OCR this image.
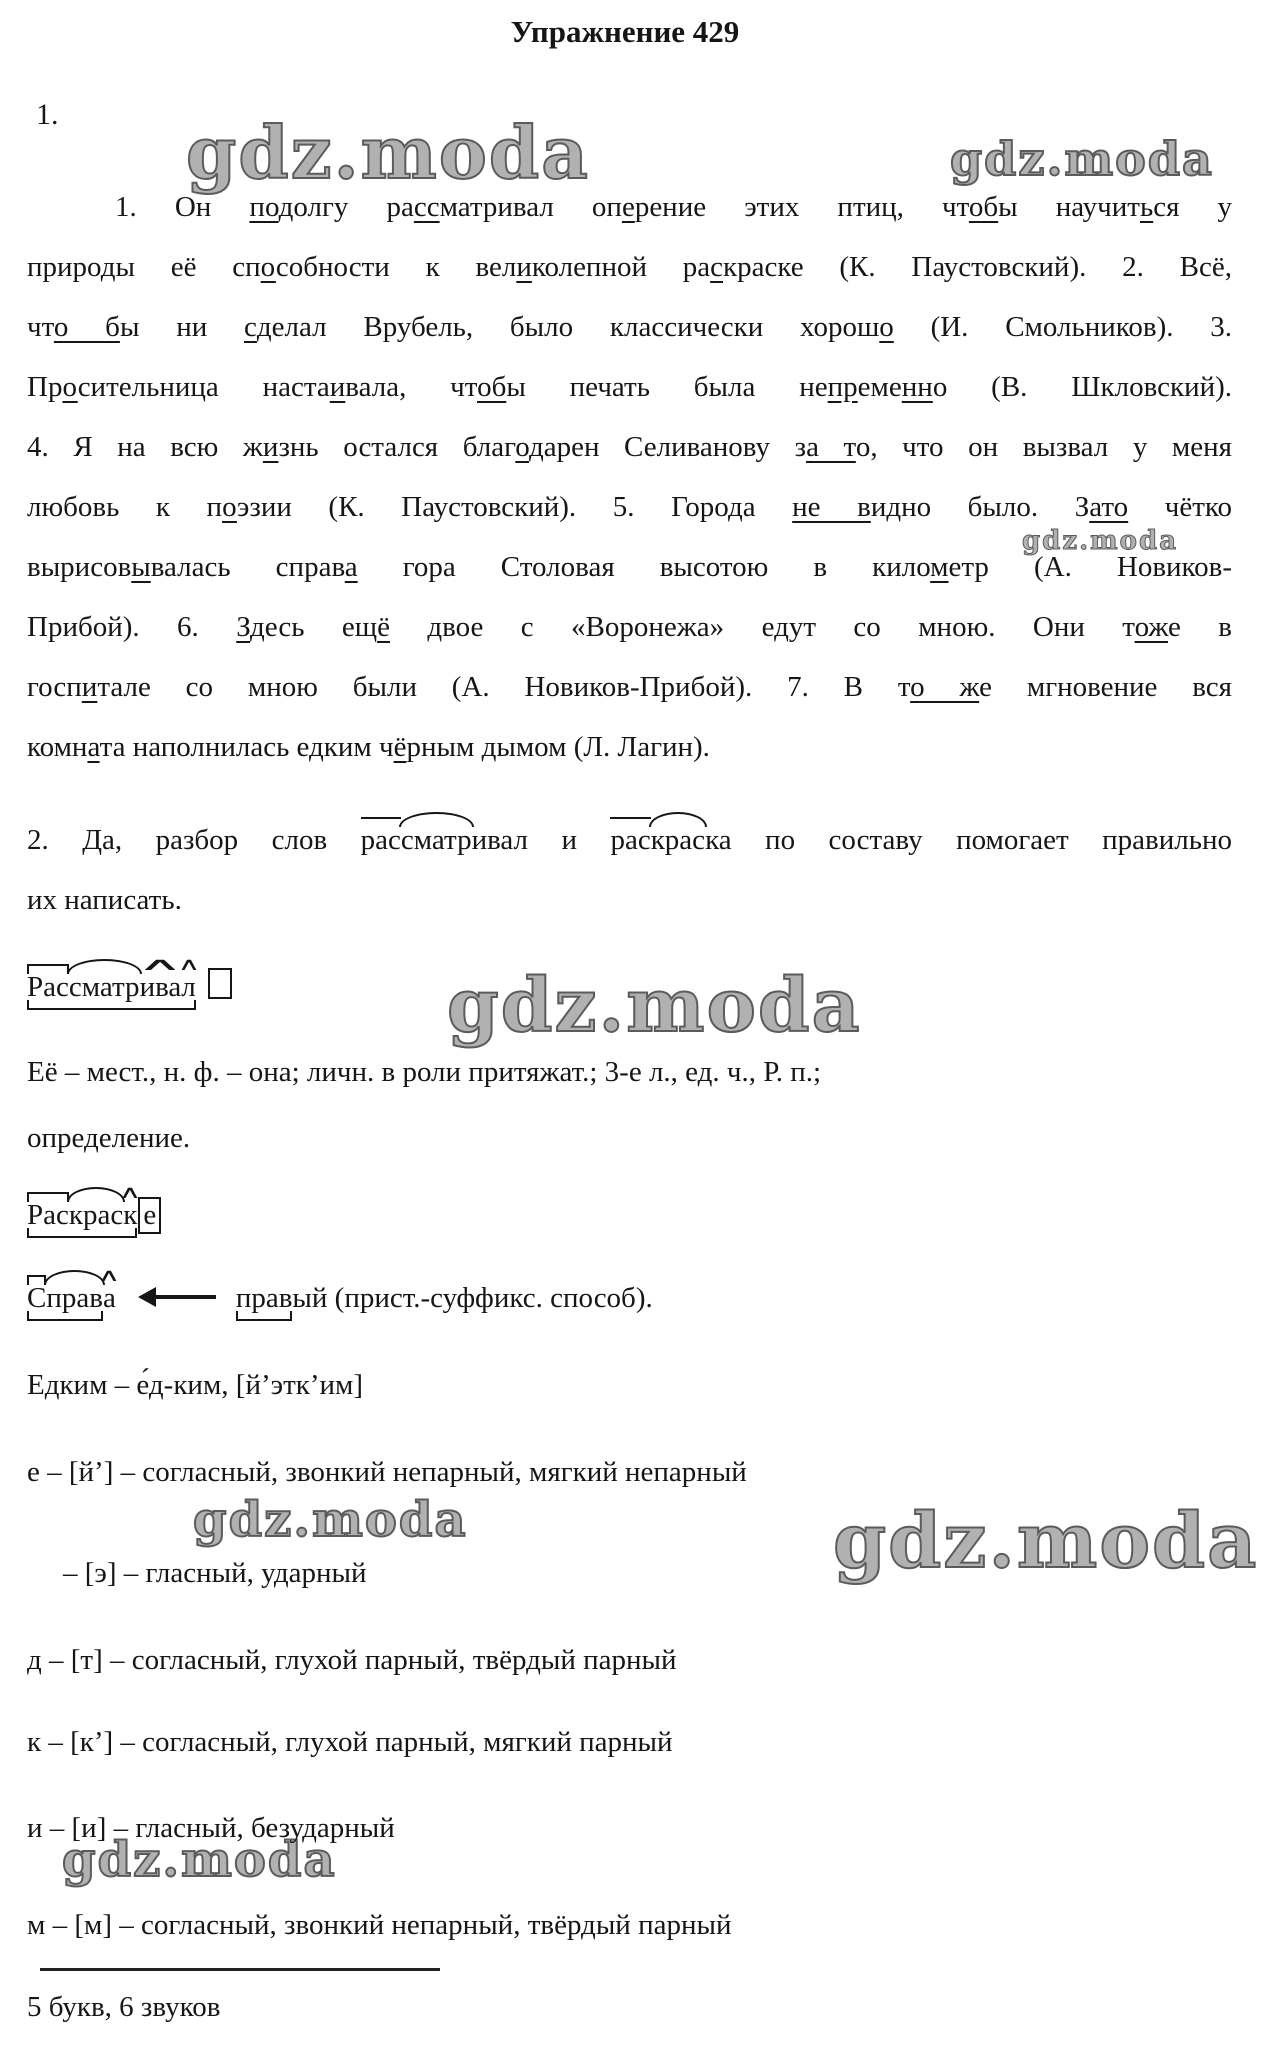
gdz.moda	gdz.moda
gdz.moda
gdz.moda
gdz.moda	gdz.moda
gdz.moda
Упражнение 429
1.
1. Он подолгу рассматривал оперение этих птиц, чтобы научиться у
природы её способности к великолепной раскраске (К. Паустовский). 2. Всё,
что бы ни сделал Врубель, было классически хорошо (И. Смольников). 3.
Просительница настаивала, чтобы печать была непременно (В. Шкловский).
4. Я на всю жизнь остался благодарен Селиванову за то, что он вызвал у меня
любовь к поэзии (К. Паустовский). 5. Города не видно было. Зато чётко
вырисовывалась справа гора Столовая высотою в километр (А. Новиков-
Прибой). 6. Здесь ещё двое с «Воронежа» едут со мною. Они тоже в
госпитале со мною были (А. Новиков-Прибой). 7. В то же мгновение вся
комната наполнилась едким чёрным дымом (Л. Лагин).
2. Да, разбор слов рассматривал и раскраска по составу помогает правильно
их написать.
Рассматр∧ ива∧ л
Её – мест., н. ф. – она; личн. в роли притяжат.; 3-е л., ед. ч., Р. п.;
определение.
Раскрас∧ к е
Справ∧ а	правый (прист.-суффикс. способ).
Едким – е́д-ким, [й’этк’им]
е – [й’] – согласный, звонкий непарный, мягкий непарный
– [э] – гласный, ударный
д – [т] – согласный, глухой парный, твёрдый парный
к – [к’] – согласный, глухой парный, мягкий парный
и – [и] – гласный, безударный
м – [м] – согласный, звонкий непарный, твёрдый парный
5 букв, 6 звуков
